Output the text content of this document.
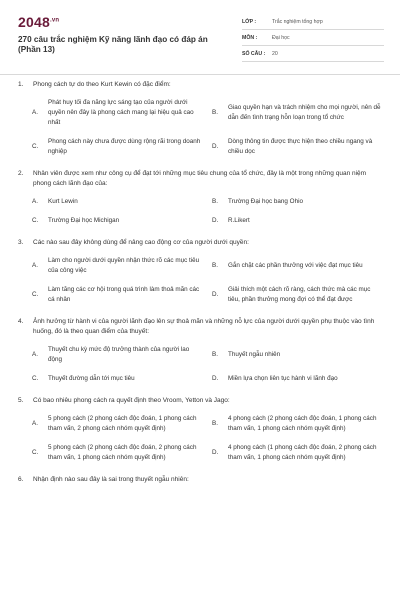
$2048^{.vn}$
270 câu trắc nghiệm Kỹ năng lãnh đạo có đáp án (Phần 13)
LỚP :	Trắc nghiệm tổng hợp
MÔN :	Đại học
SỐ CÂU :	20
1.	Phong cách tự do theo Kurt Kewin có đặc điểm:
A.
Phát huy tối đa năng lực sáng tạo của người dưới quyền nên đây là phong cách mang lại hiệu quả cao nhất
B.
Giao quyền hạn và trách nhiệm cho mọi người, nên dễ dẫn đến tình trạng hỗn loạn trong tổ chức
C.
Phong cách này chưa được dùng rộng rãi trong doanh nghiệp
D.
Dòng thông tin được thực hiện theo chiều ngang và chiều dọc
2.	Nhân viên được xem như công cụ để đạt tới những mục tiêu chung của tổ chức, đây là một trong những quan niệm phong cách lãnh đạo của:
A.	Kurt Lewin	B.	Trường Đại học bang Ohio
C.	Trường Đại học Michigan	D.	R.Likert
3.	Các nào sau đây không dùng để nâng cao động cơ của người dưới quyền:
A.
Làm cho người dưới quyền nhận thức rõ các mục tiêu của công việc
B.	Gắn chặt các phần thưởng với việc đạt mục tiêu
C.
Làm tăng các cơ hội trong quá trình làm thoả mãn các cá nhân
D.
Giải thích một cách rõ ràng, cách thức mà các mục tiêu, phần thưởng mong đợi có thể đạt được
4.	Ảnh hưởng từ hành vi của người lãnh đạo lên sự thoả mãn và những nỗ lực của người dưới quyền phụ thuộc vào tình huống, đó là theo quan điểm của thuyết:
A.
Thuyết chu kỳ mức độ trưởng thành của người lao động
B.	Thuyết ngẫu nhiên
C.	Thuyết đường dẫn tới mục tiêu	D.	Miền lựa chọn liên tục hành vi lãnh đạo
5.	Có bao nhiêu phong cách ra quyết định theo Vroom, Yetton và Jago:
A.
5 phong cách (2 phong cách độc đoán, 1 phong cách tham vấn, 2 phong cách nhóm quyết định)
B.
4 phong cách (2 phong cách độc đoán, 1 phong cách tham vấn, 1 phong cách nhóm quyết định)
C.
5 phong cách (2 phong cách độc đoán, 2 phong cách tham vấn, 1 phong cách nhóm quyết định)
D.
4 phong cách (1 phong cách độc đoán, 2 phong cách tham vấn, 1 phong cách nhóm quyết định)
6.	Nhận định nào sau đây là sai trong thuyết ngẫu nhiên:
